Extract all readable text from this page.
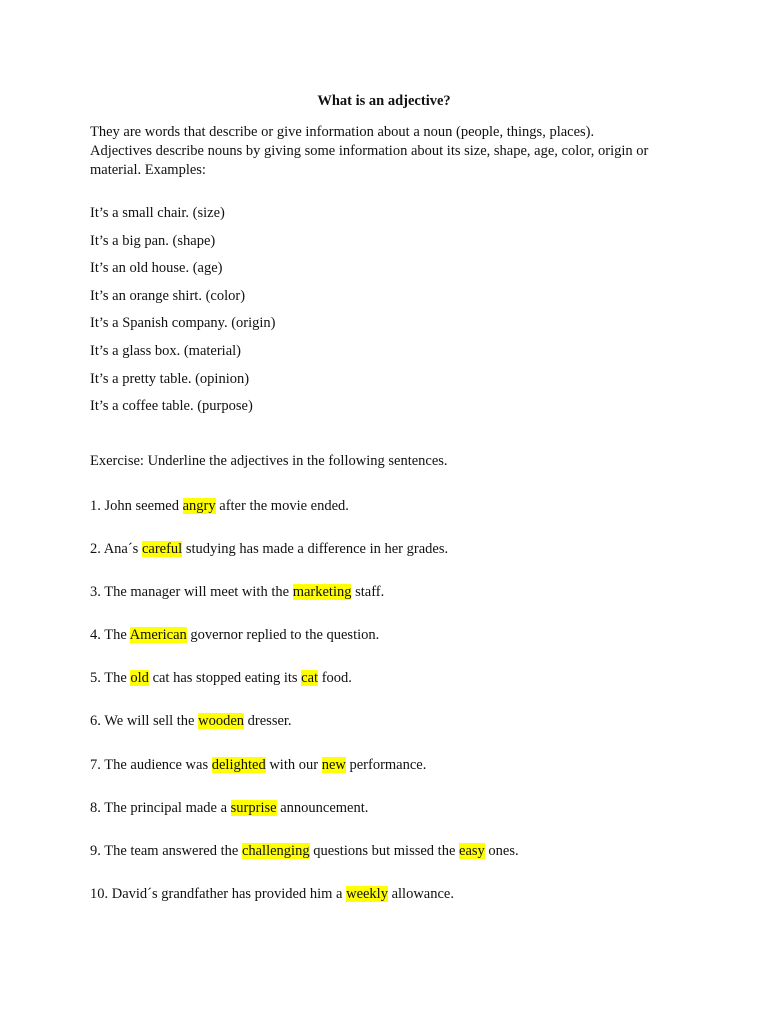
What is an adjective?

They are words that describe or give information about a noun (people, things, places).

Adjectives describe nouns by giving some information about its size, shape, age, color, origin or

material. Examples:

It’s a small chair. (size)
It’s a big pan. (shape)
It’s an old house. (age)
It’s an orange shirt. (color)
It’s a Spanish company. (origin)
It’s a glass box. (material)
It’s a pretty table. (opinion)
It’s a coffee table. (purpose)

Exercise: Underline the adjectives in the following sentences.

1. John seemed angry after the movie ended.
2. Ana´s careful studying has made a difference in her grades.
3. The manager will meet with the marketing staff.
4. The American governor replied to the question.
5. The old cat has stopped eating its cat food.
6. We will sell the wooden dresser.
7. The audience was delighted with our new performance.
8. The principal made a surprise announcement.
9. The team answered the challenging questions but missed the easy ones.
10. David´s grandfather has provided him a weekly allowance.
